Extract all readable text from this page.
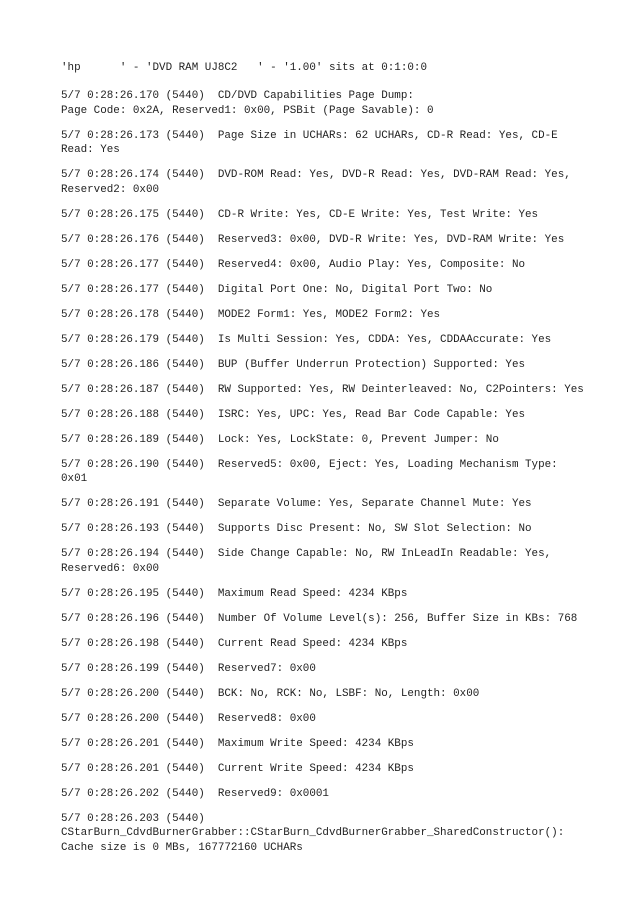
'hp      ' - 'DVD RAM UJ8C2   ' - '1.00' sits at 0:1:0:0
5/7 0:28:26.170 (5440)  CD/DVD Capabilities Page Dump:
Page Code: 0x2A, Reserved1: 0x00, PSBit (Page Savable): 0
5/7 0:28:26.173 (5440)  Page Size in UCHARs: 62 UCHARs, CD-R Read: Yes, CD-E
Read: Yes
5/7 0:28:26.174 (5440)  DVD-ROM Read: Yes, DVD-R Read: Yes, DVD-RAM Read: Yes,
Reserved2: 0x00
5/7 0:28:26.175 (5440)  CD-R Write: Yes, CD-E Write: Yes, Test Write: Yes
5/7 0:28:26.176 (5440)  Reserved3: 0x00, DVD-R Write: Yes, DVD-RAM Write: Yes
5/7 0:28:26.177 (5440)  Reserved4: 0x00, Audio Play: Yes, Composite: No
5/7 0:28:26.177 (5440)  Digital Port One: No, Digital Port Two: No
5/7 0:28:26.178 (5440)  MODE2 Form1: Yes, MODE2 Form2: Yes
5/7 0:28:26.179 (5440)  Is Multi Session: Yes, CDDA: Yes, CDDAAccurate: Yes
5/7 0:28:26.186 (5440)  BUP (Buffer Underrun Protection) Supported: Yes
5/7 0:28:26.187 (5440)  RW Supported: Yes, RW Deinterleaved: No, C2Pointers: Yes
5/7 0:28:26.188 (5440)  ISRC: Yes, UPC: Yes, Read Bar Code Capable: Yes
5/7 0:28:26.189 (5440)  Lock: Yes, LockState: 0, Prevent Jumper: No
5/7 0:28:26.190 (5440)  Reserved5: 0x00, Eject: Yes, Loading Mechanism Type:
0x01
5/7 0:28:26.191 (5440)  Separate Volume: Yes, Separate Channel Mute: Yes
5/7 0:28:26.193 (5440)  Supports Disc Present: No, SW Slot Selection: No
5/7 0:28:26.194 (5440)  Side Change Capable: No, RW InLeadIn Readable: Yes,
Reserved6: 0x00
5/7 0:28:26.195 (5440)  Maximum Read Speed: 4234 KBps
5/7 0:28:26.196 (5440)  Number Of Volume Level(s): 256, Buffer Size in KBs: 768
5/7 0:28:26.198 (5440)  Current Read Speed: 4234 KBps
5/7 0:28:26.199 (5440)  Reserved7: 0x00
5/7 0:28:26.200 (5440)  BCK: No, RCK: No, LSBF: No, Length: 0x00
5/7 0:28:26.200 (5440)  Reserved8: 0x00
5/7 0:28:26.201 (5440)  Maximum Write Speed: 4234 KBps
5/7 0:28:26.201 (5440)  Current Write Speed: 4234 KBps
5/7 0:28:26.202 (5440)  Reserved9: 0x0001
5/7 0:28:26.203 (5440)
CStarBurn_CdvdBurnerGrabber::CStarBurn_CdvdBurnerGrabber_SharedConstructor():
Cache size is 0 MBs, 167772160 UCHARs
